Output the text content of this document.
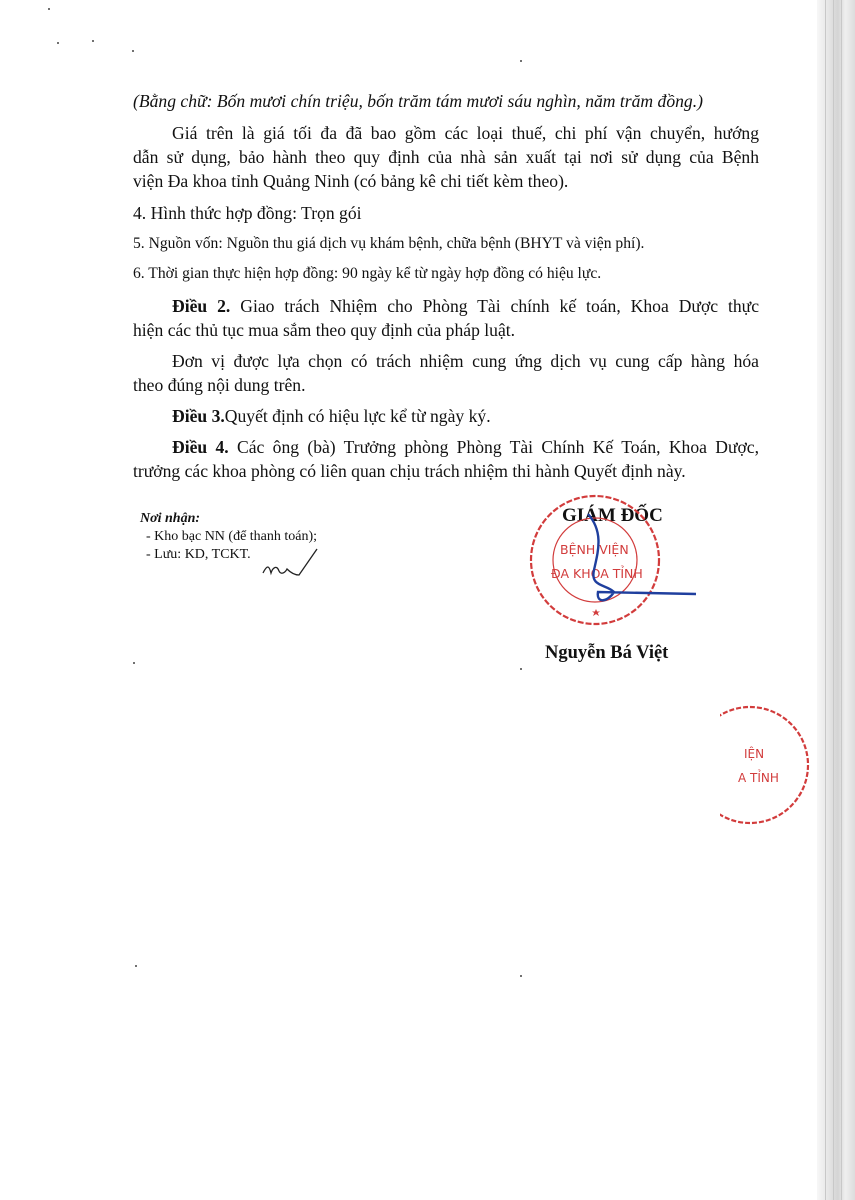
(Bằng chữ: Bốn mươi chín triệu, bốn trăm tám mươi sáu nghìn, năm trăm đồng.)
Giá trên là giá tối đa đã bao gồm các loại thuế, chi phí vận chuyển, hướng
dẫn sử dụng, bảo hành theo quy định của nhà sản xuất tại nơi sử dụng của Bệnh
viện Đa khoa tỉnh Quảng Ninh (có bảng kê chi tiết kèm theo).
4. Hình thức hợp đồng: Trọn gói
5. Nguồn vốn: Nguồn thu giá dịch vụ khám bệnh, chữa bệnh (BHYT và viện phí).
6. Thời gian thực hiện hợp đồng: 90 ngày kể từ ngày hợp đồng có hiệu lực.
Điều 2. Giao trách Nhiệm cho Phòng Tài chính kế toán, Khoa Dược thực
hiện các thủ tục mua sắm theo quy định của pháp luật.
Đơn vị được lựa chọn có trách nhiệm cung ứng dịch vụ cung cấp hàng hóa
theo đúng nội dung trên.
Điều 3.Quyết định có hiệu lực kể từ ngày ký.
Điều 4. Các ông (bà) Trưởng phòng Phòng Tài Chính Kế Toán, Khoa Dược,
trưởng các khoa phòng có liên quan chịu trách nhiệm thi hành Quyết định này.
Nơi nhận:
- Kho bạc NN (để thanh toán);
- Lưu: KD, TCKT.
GIÁM ĐỐC
BỆNH VIỆN
ĐA KHOA TỈNH
Nguyễn Bá Việt
IỆN
A TỈNH
